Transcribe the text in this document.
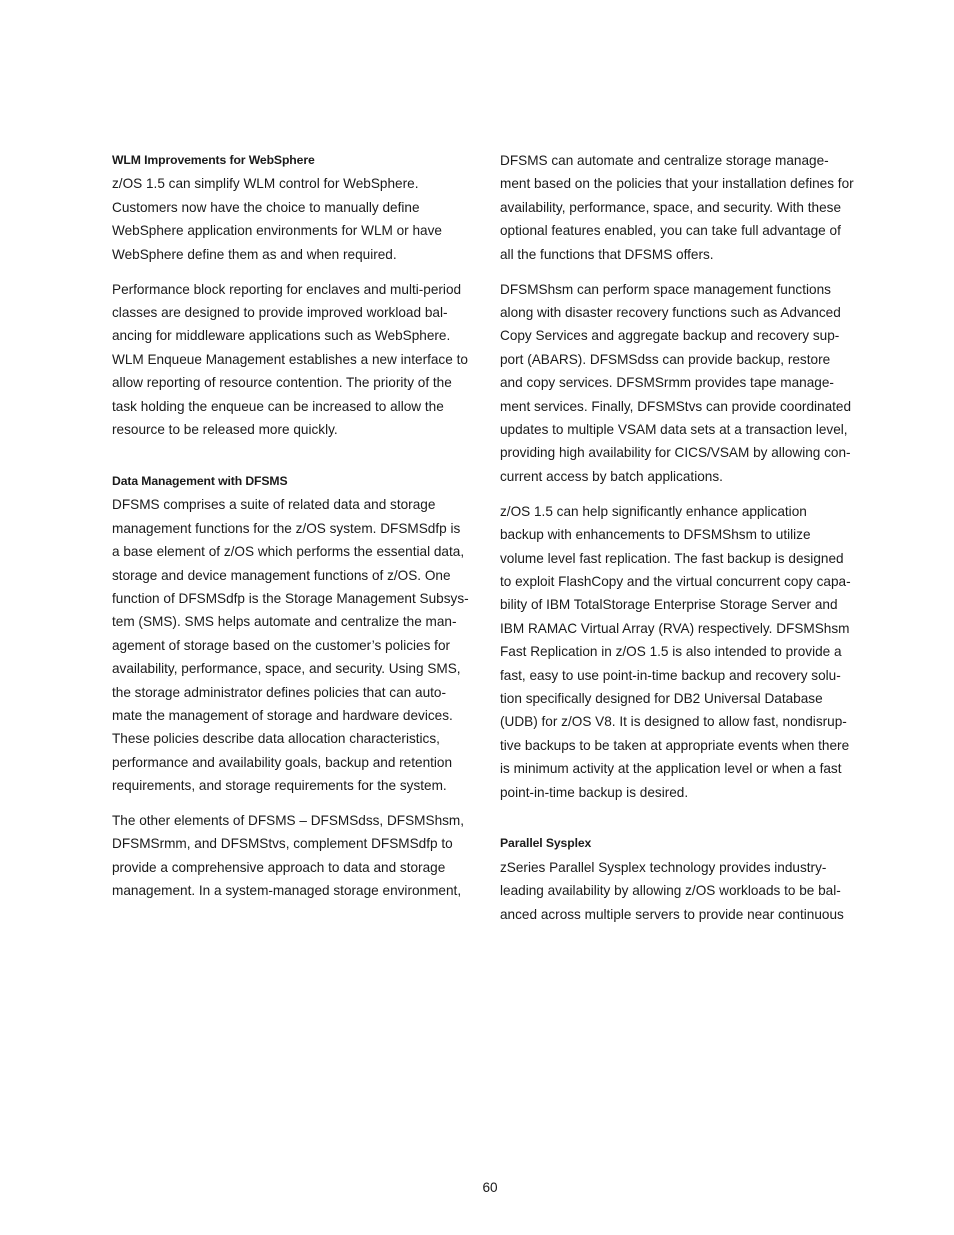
WLM Improvements for WebSphere
z/OS 1.5 can simplify WLM control for WebSphere.
Customers now have the choice to manually define
WebSphere application environments for WLM or have
WebSphere define them as and when required.
Performance block reporting for enclaves and multi-period
classes are designed to provide improved workload bal-
ancing for middleware applications such as WebSphere.
WLM Enqueue Management establishes a new interface to
allow reporting of resource contention. The priority of the
task holding the enqueue can be increased to allow the
resource to be released more quickly.
Data Management with DFSMS
DFSMS comprises a suite of related data and storage
management functions for the z/OS system. DFSMSdfp is
a base element of z/OS which performs the essential data,
storage and device management functions of z/OS. One
function of DFSMSdfp is the Storage Management Subsys-
tem (SMS). SMS helps automate and centralize the man-
agement of storage based on the customer’s policies for
availability, performance, space, and security. Using SMS,
the storage administrator defines policies that can auto-
mate the management of storage and hardware devices.
These policies describe data allocation characteristics,
performance and availability goals, backup and retention
requirements, and storage requirements for the system.
The other elements of DFSMS – DFSMSdss, DFSMShsm,
DFSMSrmm, and DFSMStvs, complement DFSMSdfp to
provide a comprehensive approach to data and storage
management. In a system-managed storage environment,
DFSMS can automate and centralize storage manage-
ment based on the policies that your installation defines for
availability, performance, space, and security. With these
optional features enabled, you can take full advantage of
all the functions that DFSMS offers.
DFSMShsm can perform space management functions
along with disaster recovery functions such as Advanced
Copy Services and aggregate backup and recovery sup-
port (ABARS). DFSMSdss can provide backup, restore
and copy services. DFSMSrmm provides tape manage-
ment services. Finally, DFSMStvs can provide coordinated
updates to multiple VSAM data sets at a transaction level,
providing high availability for CICS/VSAM by allowing con-
current access by batch applications.
z/OS 1.5 can help significantly enhance application
backup with enhancements to DFSMShsm to utilize
volume level fast replication. The fast backup is designed
to exploit FlashCopy and the virtual concurrent copy capa-
bility of IBM TotalStorage Enterprise Storage Server and
IBM RAMAC Virtual Array (RVA) respectively. DFSMShsm
Fast Replication in z/OS 1.5 is also intended to provide a
fast, easy to use point-in-time backup and recovery solu-
tion specifically designed for DB2 Universal Database
(UDB) for z/OS V8. It is designed to allow fast, nondisrup-
tive backups to be taken at appropriate events when there
is minimum activity at the application level or when a fast
point-in-time backup is desired.
Parallel Sysplex
zSeries Parallel Sysplex technology provides industry-
leading availability by allowing z/OS workloads to be bal-
anced across multiple servers to provide near continuous
60
